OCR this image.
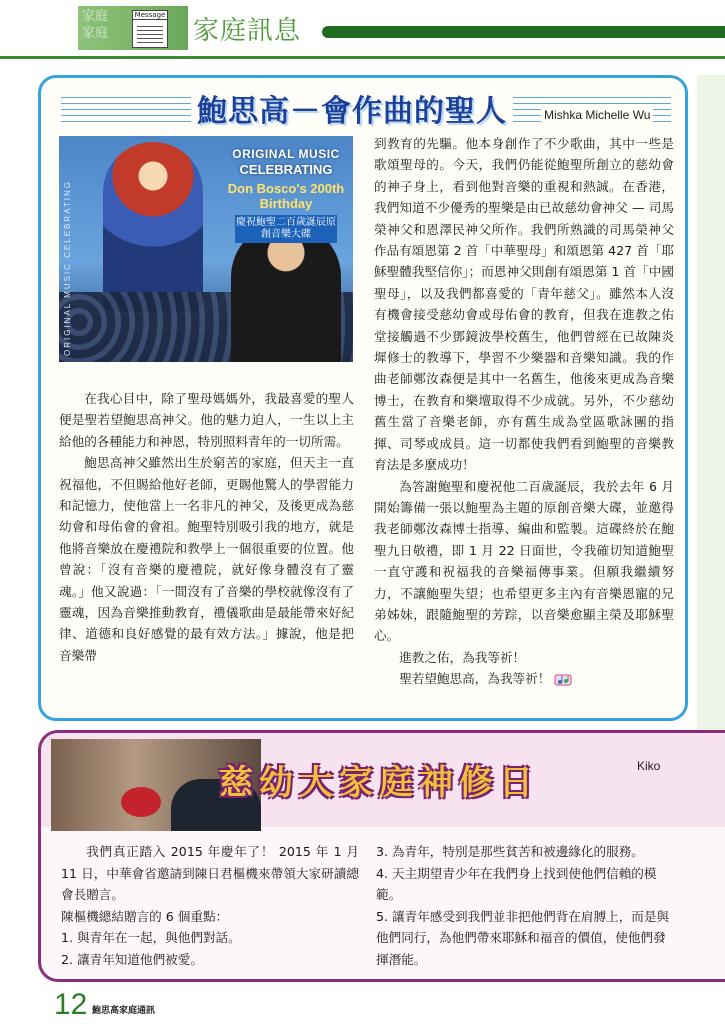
家庭
家庭
Message
家庭訊息
鮑思高－會作曲的聖人	Mishka Michelle Wu
ORIGINAL MUSIC CELEBRATING
ORIGINAL MUSIC
CELEBRATING
Don Bosco's 200th Birthday
慶祝鮑聖二百歲誕辰原創音樂大碟

在我心目中，除了聖母媽媽外，我最喜愛的聖人便是聖若望鮑思高神父。他的魅力迫人，一生以上主給他的各種能力和神恩，特別照料青年的一切所需。

鮑思高神父雖然出生於窮苦的家庭，但天主一直祝福他，不但賜給他好老師，更賜他驚人的學習能力和記憶力，使他當上一名非凡的神父，及後更成為慈幼會和母佑會的會祖。鮑聖特別吸引我的地方，就是他將音樂放在慶禮院和教學上一個很重要的位置。他曾說：「沒有音樂的慶禮院，就好像身體沒有了靈魂。」他又說過：「一間沒有了音樂的學校就像沒有了靈魂，因為音樂推動教育，禮儀歌曲是最能帶來好紀律、道德和良好感覺的最有效方法。」據說，他是把音樂帶

到教育的先驅。他本身創作了不少歌曲，其中一些是歌頌聖母的。今天，我們仍能從鮑聖所創立的慈幼會的神子身上，看到他對音樂的重視和熱誠。在香港，我們知道不少優秀的聖樂是由已故慈幼會神父 — 司馬榮神父和恩澤民神父所作。我們所熟識的司馬榮神父作品有頌恩第 2 首「中華聖母」和頌恩第 427 首「耶穌聖體我堅信你」；而恩神父則創有頌恩第 1 首「中國聖母」，以及我們都喜愛的「青年慈父」。雖然本人沒有機會接受慈幼會或母佑會的教育，但我在進教之佑堂接觸過不少鄧鏡波學校舊生，他們曾經在已故陳炎墀修士的教導下，學習不少樂器和音樂知識。我的作曲老師鄭汝森便是其中一名舊生，他後來更成為音樂博士，在教育和樂壇取得不少成就。另外，不少慈幼舊生當了音樂老師，亦有舊生成為堂區歌詠團的指揮、司琴或成員。這一切都使我們看到鮑聖的音樂教育法是多麼成功！

為答謝鮑聖和慶祝他二百歲誕辰，我於去年 6 月開始籌備一張以鮑聖為主題的原創音樂大碟，並邀得我老師鄭汝森博士指導、編曲和監製。這碟終於在鮑聖九日敬禮，即 1 月 22 日面世，令我確切知道鮑聖一直守護和祝福我的音樂福傳事業。但願我繼續努力，不讓鮑聖失望；也希望更多主內有音樂恩寵的兄弟姊妹，跟隨鮑聖的芳踪，以音樂愈顯主榮及耶穌聖心。

進教之佑，為我等祈！

聖若望鮑思高，為我等祈！

慈幼大家庭神修日	Kiko

我們真正踏入 2015 年慶年了！ 2015 年 1 月 11 日，中華會省邀請到陳日君樞機來帶領大家研讀總會長贈言。

陳樞機總結贈言的 6 個重點：

1. 與青年在一起，與他們對話。

2. 讓青年知道他們被愛。

3. 為青年，特別是那些貧苦和被邊緣化的服務。

4. 天主期望青少年在我們身上找到使他們信賴的模範。

5. 讓青年感受到我們並非把他們背在肩膊上，而是與他們同行，為他們帶來耶穌和福音的價值，使他們發揮潛能。

12 鮑思高家庭通訊
